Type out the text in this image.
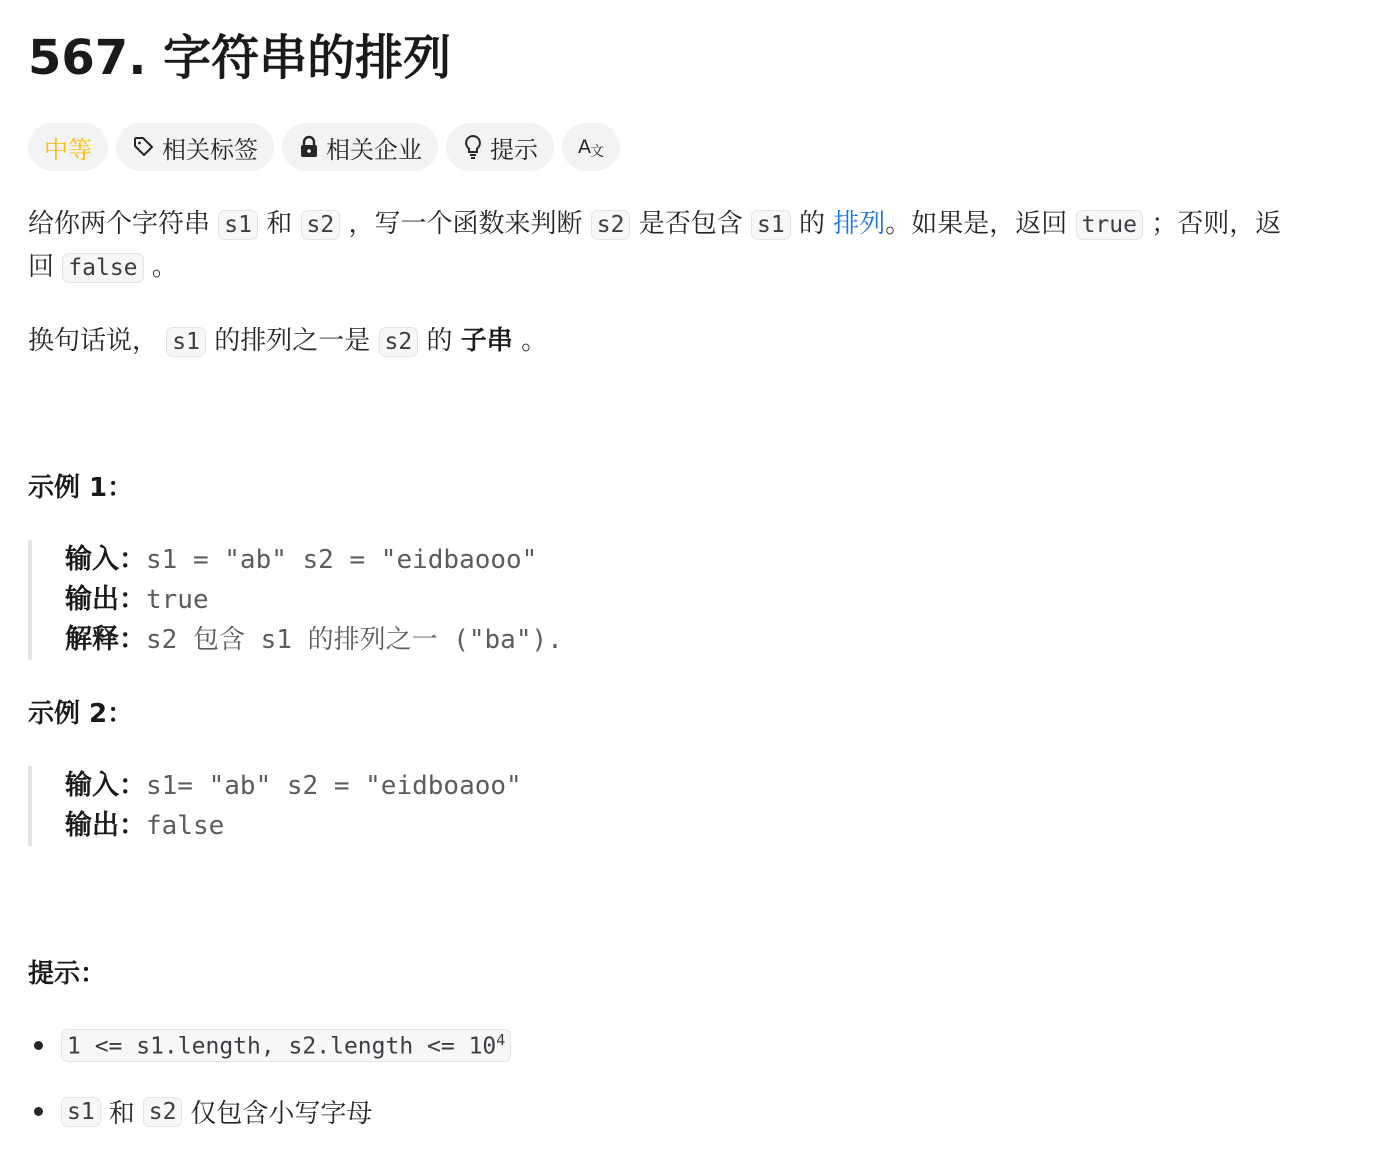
567. 字符串的排列
中等	相关标签	相关企业	提示 A 文
给你两个字符串 s1 和 s2 ，写一个函数来判断 s2 是否包含 s1 的 排列。如果是，返回 true ；否则，返
回 false 。
换句话说， s1 的排列之一是 s2 的 子串 。
示例 1：
输入：s1 = "ab" s2 = "eidbaooo"
输出：true
解释：s2 包含 s1 的排列之一 ("ba").
示例 2：
输入：s1= "ab" s2 = "eidboaoo"
输出：false
提示：
1 <= s1.length, s2.length <= $10^4$
s1 和 s2 仅包含小写字母
